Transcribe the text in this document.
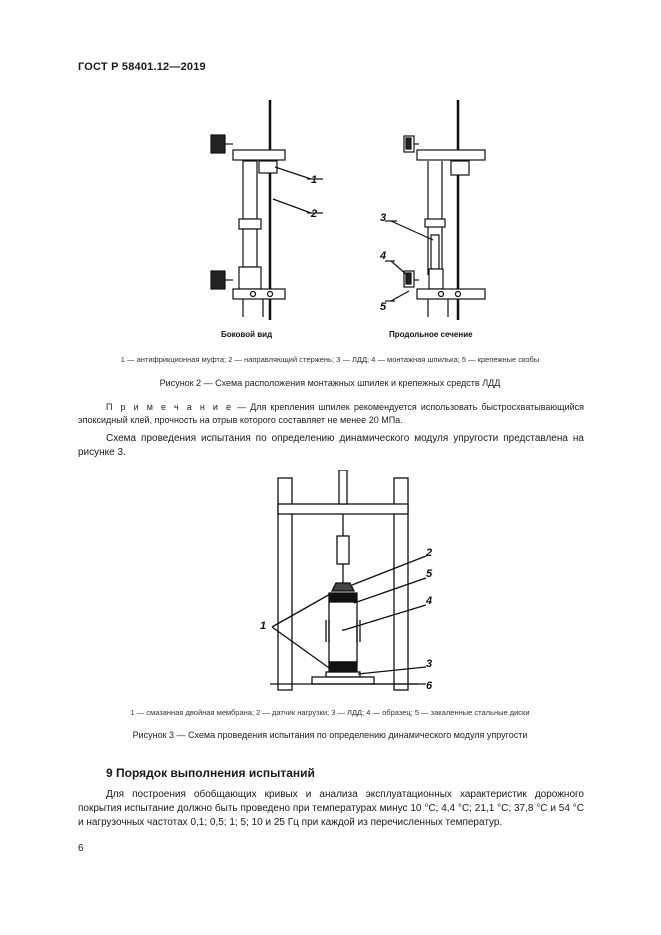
ГОСТ Р 58401.12—2019
1
2	3
4
5
Боковой вид	Продольное сечение
1 — антифрикционная муфта; 2 — направляющий стержень; 3 — ЛДД; 4 — монтажная шпилька; 5 — крепежные скобы
Рисунок 2 — Схема расположения монтажных шпилек и крепежных средств ЛДД
П р и м е ч а н и е — Для крепления шпилек рекомендуется использовать быстросхватывающийся эпоксидный клей, прочность на отрыв которого составляет не менее 20 МПа.
Схема проведения испытания по определению динамического модуля упругости представлена на рисунке 3.
2
5
4
3
6
1
1 — смазанная двойная мембрана; 2 — датчик нагрузки; 3 — ЛДД; 4 — образец; 5 — закаленные стальные диски
Рисунок 3 — Схема проведения испытания по определению динамического модуля упругости
9 Порядок выполнения испытаний
Для построения обобщающих кривых и анализа эксплуатационных характеристик дорожного покрытия испытание должно быть проведено при температурах минус 10 °С; 4,4 °С; 21,1 °С; 37,8 °С и 54 °С и нагрузочных частотах 0,1; 0,5; 1; 5; 10 и 25 Гц при каждой из перечисленных температур.
6
